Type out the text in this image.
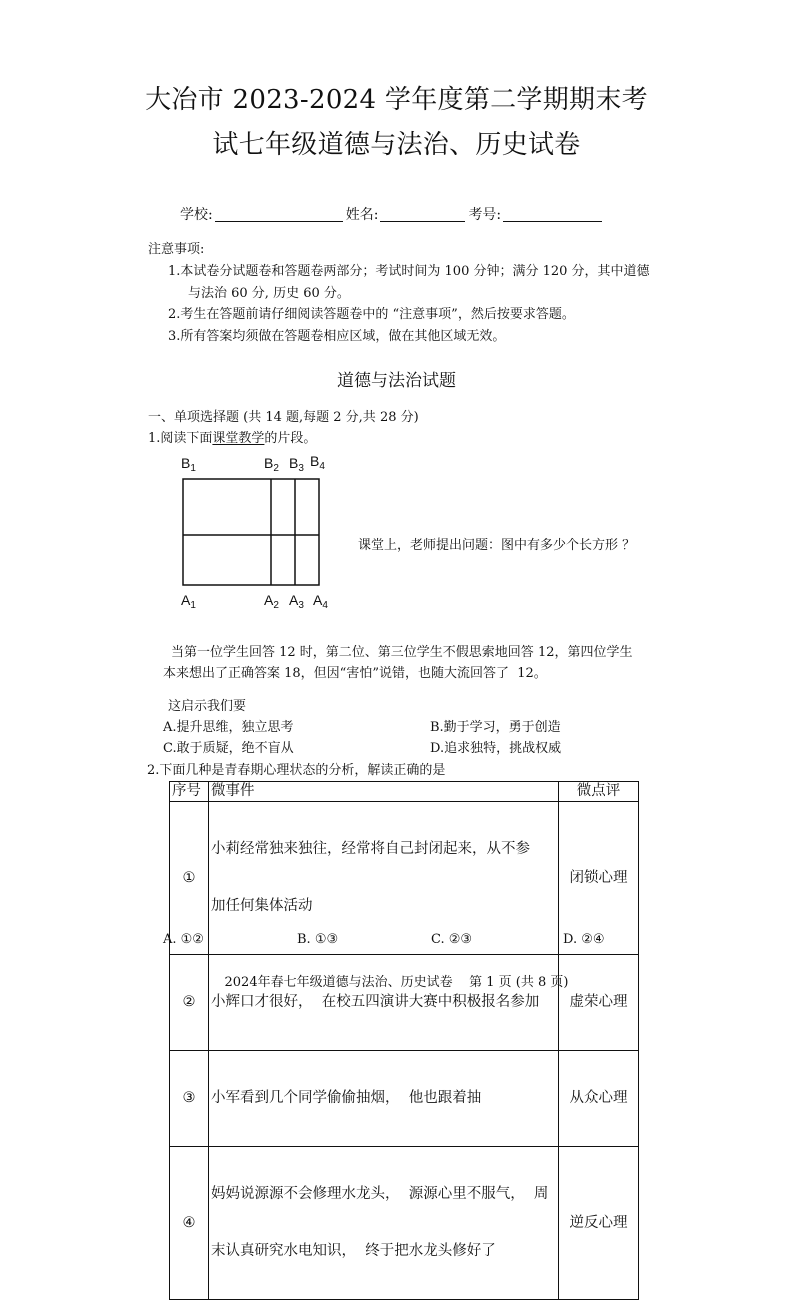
大冶市 2023-2024 学年度第二学期期末考
试七年级道德与法治、历史试卷
学校:	姓名:	考号:
注意事项:
1.本试卷分试题卷和答题卷两部分；考试时间为 100 分钟；满分 120 分，其中道德
与法治 60 分, 历史 60 分。
2.考生在答题前请仔细阅读答题卷中的 “注意事项”，然后按要求答题。
3.所有答案均须做在答题卷相应区域，做在其他区域无效。
道德与法治试题
一、单项选择题 (共 14 题,每题 2 分,共 28 分)
1.阅读下面课堂教学的片段。
$B_1$	$B_2$ $B_3$ $B_4$
$A_1$	$A_2$ $A_3$ $A_4$
课堂上，老师提出问题：图中有多少个长方形 ？
当第一位学生回答 12 时，第二位、第三位学生不假思索地回答 12，第四位学生
本来想出了正确答案 18，但因“害怕”说错，也随大流回答了  12。
这启示我们要
A.提升思维，独立思考	B.勤于学习，勇于创造
C.敢于质疑，绝不盲从	D.追求独特，挑战权威
2.下面几种是青春期心理状态的分析，解读正确的是
序号	微事件	微点评
①	小莉经常独来独往，经常将自己封闭起来，从不参

加任何集体活动	闭锁心理
②	小辉口才很好，  在校五四演讲大赛中积极报名参加	虚荣心理
③	小军看到几个同学偷偷抽烟，  他也跟着抽	从众心理
④	妈妈说源源不会修理水龙头，  源源心里不服气，  周

末认真研究水电知识，  终于把水龙头修好了	逆反心理
A. ①②	B. ①③	C. ②③	D. ②④
2024年春七年级道德与法治、历史试卷    第 1 页 (共 8 页)
